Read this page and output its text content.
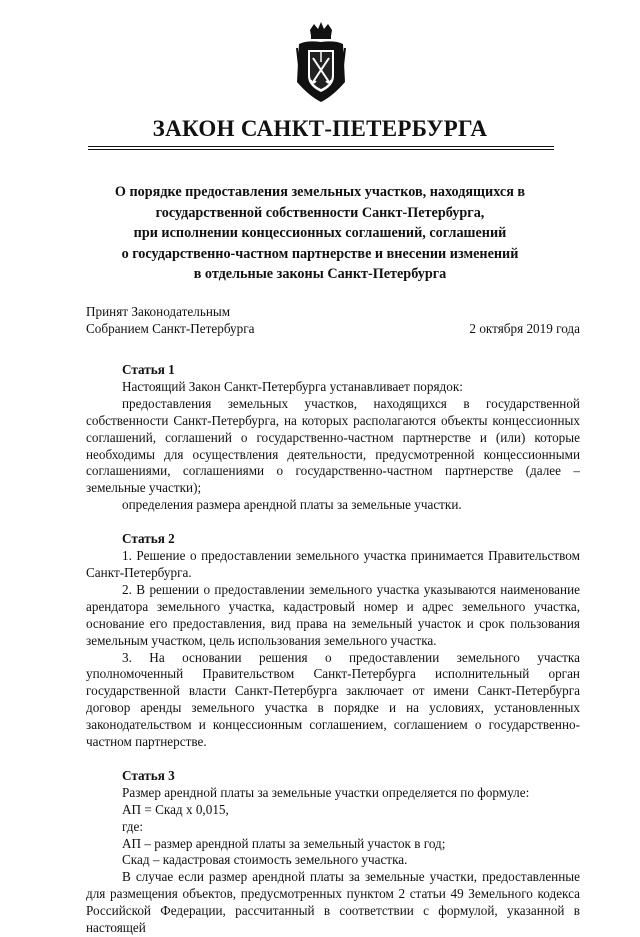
ЗАКОН САНКТ-ПЕТЕРБУРГА
О порядке предоставления земельных участков, находящихся в
государственной собственности Санкт-Петербурга,
при исполнении концессионных соглашений, соглашений
о государственно-частном партнерстве и внесении изменений
в отдельные законы Санкт-Петербурга
Принят Законодательным
Собранием Санкт-Петербурга	2 октября 2019 года

Статья 1

Настоящий Закон Санкт-Петербурга устанавливает порядок:

предоставления земельных участков, находящихся в государственной собственности Санкт-Петербурга, на которых располагаются объекты концессионных соглашений, соглашений о государственно-частном партнерстве и (или) которые необходимы для осуществления деятельности, предусмотренной концессионными соглашениями, соглашениями о государственно-частном партнерстве (далее – земельные участки);

определения размера арендной платы за земельные участки.

Статья 2

1. Решение о предоставлении земельного участка принимается Правительством Санкт-Петербурга.

2. В решении о предоставлении земельного участка указываются наименование арендатора земельного участка, кадастровый номер и адрес земельного участка, основание его предоставления, вид права на земельный участок и срок пользования земельным участком, цель использования земельного участка.

3. На основании решения о предоставлении земельного участка уполномоченный Правительством Санкт-Петербурга исполнительный орган государственной власти Санкт-Петербурга заключает от имени Санкт-Петербурга договор аренды земельного участка в порядке и на условиях, установленных законодательством и концессионным соглашением, соглашением о государственно-частном партнерстве.

Статья 3

Размер арендной платы за земельные участки определяется по формуле:

АП = Скад х 0,015,

где:

АП – размер арендной платы за земельный участок в год;

Скад – кадастровая стоимость земельного участка.

В случае если размер арендной платы за земельные участки, предоставленные для размещения объектов, предусмотренных пунктом 2 статьи 49 Земельного кодекса Российской Федерации, рассчитанный в соответствии с формулой, указанной в настоящей
